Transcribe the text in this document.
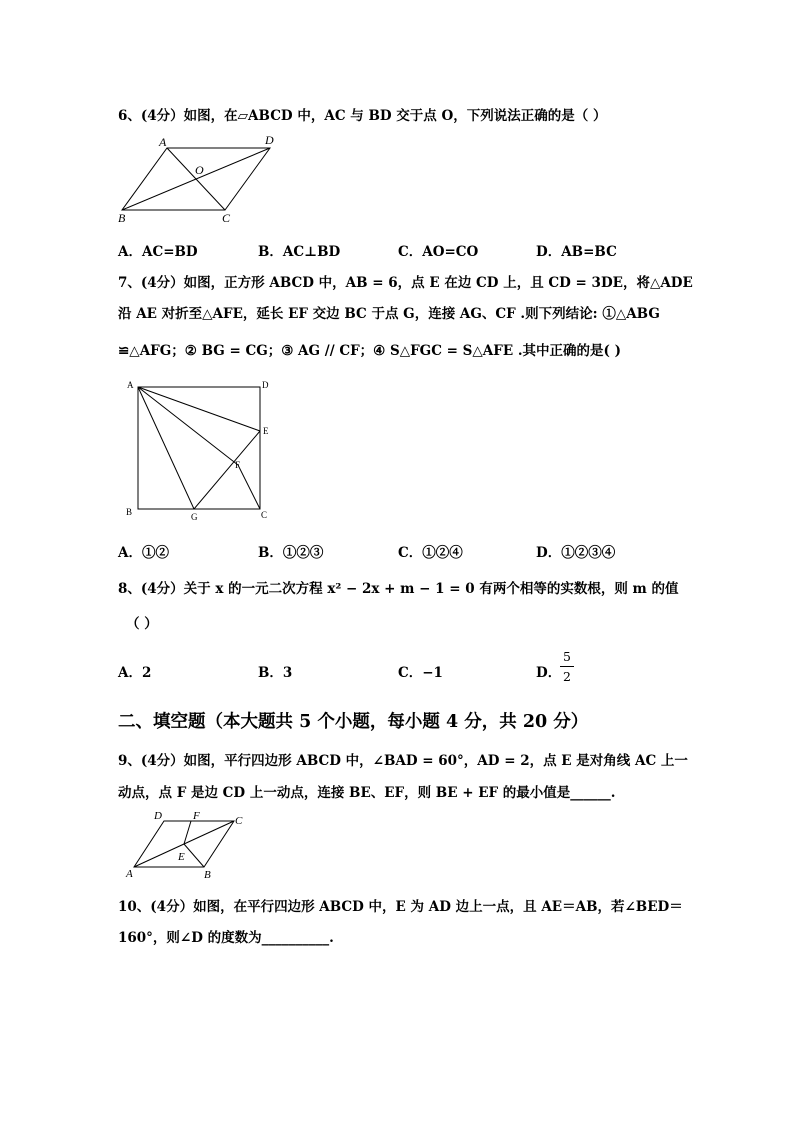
6、(4分）如图，在▱ABCD 中，AC 与 BD 交于点 O，下列说法正确的是（ ）
A	D
O
B	C
A．AC=BD	B．AC⊥BD	C．AO=CO	D．AB=BC
7、(4分）如图，正方形 ABCD 中，AB = 6，点 E 在边 CD 上，且 CD = 3DE，将△ADE
沿 AE 对折至△AFE，延长 EF 交边 BC 于点 G，连接 AG、CF .则下列结论: ①△ABG
≌△AFG；② BG = CG；③ AG // CF；④ S△FGC = S△AFE .其中正确的是( )
A	D
E
F
B	G	C
A．①②	B．①②③	C．①②④	D．①②③④
8、(4分）关于 x 的一元二次方程 x² − 2x + m − 1 = 0 有两个相等的实数根，则 m 的值
（ ）
A．2	B．3	C．−1	D．
5
2
二、填空题（本大题共 5 个小题，每小题 4 分，共 20 分）
9、(4分）如图，平行四边形 ABCD 中，∠BAD = 60°，AD = 2，点 E 是对角线 AC 上一
动点，点 F 是边 CD 上一动点，连接 BE、EF，则 BE + EF 的最小值是______.
D	F	C
E
A	B
10、(4分）如图，在平行四边形 ABCD 中，E 为 AD 边上一点，且 AE＝AB，若∠BED＝
160°，则∠D 的度数为__________.
